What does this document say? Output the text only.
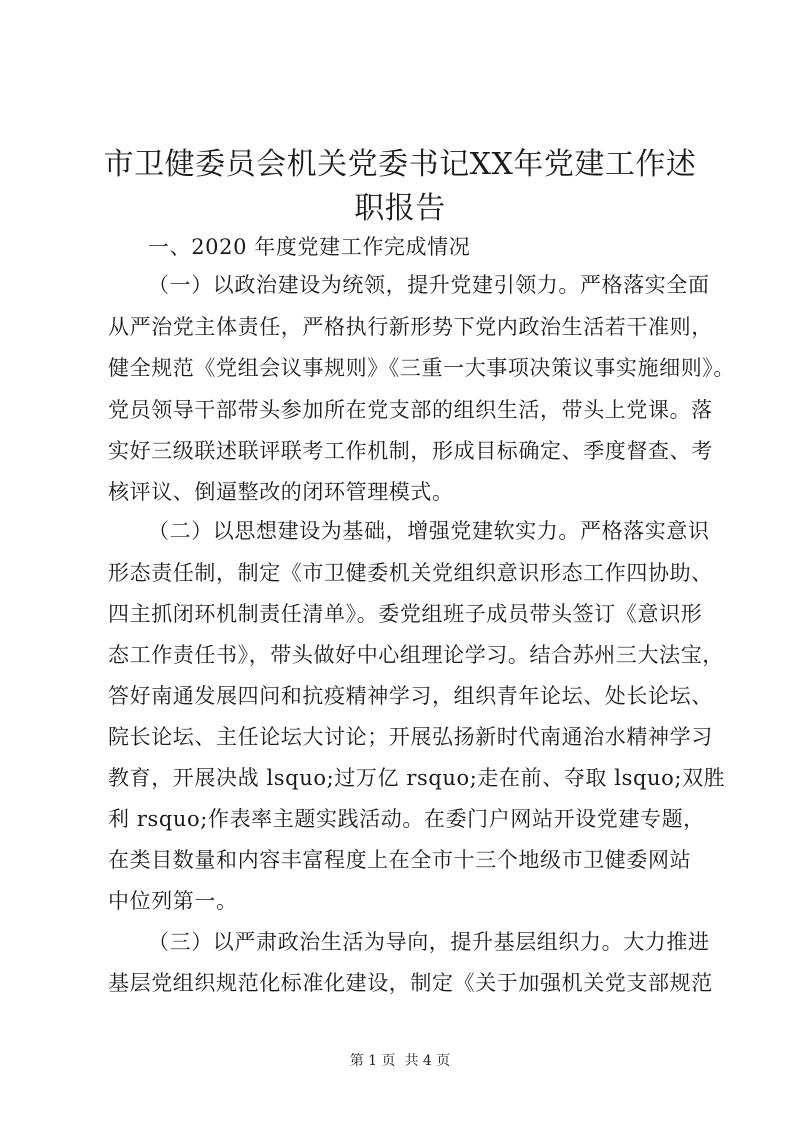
市卫健委员会机关党委书记XX年党建工作述
职报告
一、2020 年度党建工作完成情况
（一）以政治建设为统领，提升党建引领力。严格落实全面
从严治党主体责任，严格执行新形势下党内政治生活若干准则，
健全规范《党组会议事规则》《三重一大事项决策议事实施细则》。
党员领导干部带头参加所在党支部的组织生活，带头上党课。落
实好三级联述联评联考工作机制，形成目标确定、季度督查、考
核评议、倒逼整改的闭环管理模式。
（二）以思想建设为基础，增强党建软实力。严格落实意识
形态责任制，制定《市卫健委机关党组织意识形态工作四协助、
四主抓闭环机制责任清单》。委党组班子成员带头签订《意识形
态工作责任书》，带头做好中心组理论学习。结合苏州三大法宝，
答好南通发展四问和抗疫精神学习，组织青年论坛、处长论坛、
院长论坛、主任论坛大讨论；开展弘扬新时代南通治水精神学习
教育，开展决战 lsquo;过万亿 rsquo;走在前、夺取 lsquo;双胜
利 rsquo;作表率主题实践活动。在委门户网站开设党建专题，
在类目数量和内容丰富程度上在全市十三个地级市卫健委网站
中位列第一。
（三）以严肃政治生活为导向，提升基层组织力。大力推进
基层党组织规范化标准化建设，制定《关于加强机关党支部规范
第 1 页  共 4 页
